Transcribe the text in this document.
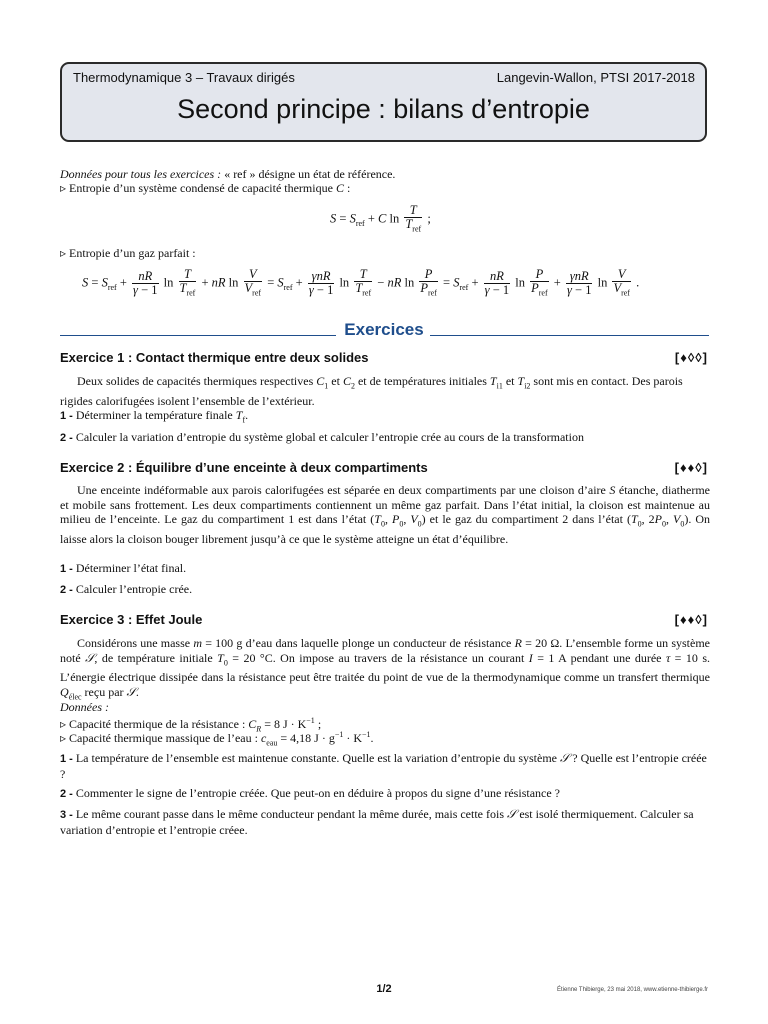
Thermodynamique 3 – Travaux dirigés	Langevin-Wallon, PTSI 2017-2018
Second principe : bilans d’entropie
Données pour tous les exercices : « ref » désigne un état de référence.
▹ Entropie d’un système condensé de capacité thermique C :
$S = S_{ref} + C$ $\ln \frac{T}{T_{ref}}$ ;
▹ Entropie d’un gaz parfait :
$S = S_{ref} + \frac{nR}{\gamma - 1}$ $\ln \frac{T}{T_{ref}}$ + nR $\ln \frac{V}{V_{ref}} = S_{ref} + \frac{\text{γnR}}{\gamma - 1}$ $\ln \frac{T}{T_{ref}}$ − nR $\ln \frac{P}{P_{ref}} = S_{ref} + \frac{nR}{\gamma - 1}$ $\ln \frac{P}{P_{ref}} + \frac{\text{γnR}}{\gamma - 1}$ $\ln \frac{V}{V_{ref}}$ .
Exercices
Exercice 1 : Contact thermique entre deux solides	[♦◊◊]
Deux solides de capacités thermiques respectives $C_1$ et $C_2$ et de températures initiales $T_{i1}$ et $T_{i2}$ sont mis en contact. Des parois rigides calorifugées isolent l’ensemble de l’extérieur.
1 - Déterminer la température finale $T_f$.
2 - Calculer la variation d’entropie du système global et calculer l’entropie crée au cours de la transformation
Exercice 2 : Équilibre d’une enceinte à deux compartiments	[♦♦◊]
Une enceinte indéformable aux parois calorifugées est séparée en deux compartiments par une cloison d’aire S étanche, diatherme et mobile sans frottement. Les deux compartiments contiennent un même gaz parfait. Dans l’état initial, la cloison est maintenue au milieu de l’enceinte. Le gaz du compartiment 1 est dans l’état ($T_0$, $P_0$, $V_0$) et le gaz du compartiment 2 dans l’état ($T_0$, $2P_0$, $V_0$). On laisse alors la cloison bouger librement jusqu’à ce que le système atteigne un état d’équilibre.
1 - Déterminer l’état final.
2 - Calculer l’entropie crée.
Exercice 3 : Effet Joule	[♦♦◊]
Considérons une masse m = 100 g d’eau dans laquelle plonge un conducteur de résistance R = 20 Ω. L’ensemble forme un système noté 𝒮, de température initiale $T_0 = 20$ °C. On impose au travers de la résistance un courant I = 1 A pendant une durée τ = 10 s. L’énergie électrique dissipée dans la résistance peut être traitée du point de vue de la thermodynamique comme un transfert thermique $Q_{élec}$ reçu par 𝒮.
Données :
▹ Capacité thermique de la résistance : $C_R = 8$ $J \cdot K^{-1}$ ;
▹ Capacité thermique massique de l’eau : $c_{eau} = 4,18$ $J \cdot g^{-1} \cdot K^{-1}$.
1 - La température de l’ensemble est maintenue constante. Quelle est la variation d’entropie du système 𝒮 ? Quelle est l’entropie créée ?
2 - Commenter le signe de l’entropie créée. Que peut-on en déduire à propos du signe d’une résistance ?
3 - Le même courant passe dans le même conducteur pendant la même durée, mais cette fois 𝒮 est isolé thermiquement. Calculer sa variation d’entropie et l’entropie créee.
1/2	Étienne Thibierge, 23 mai 2018, www.etienne-thibierge.fr
